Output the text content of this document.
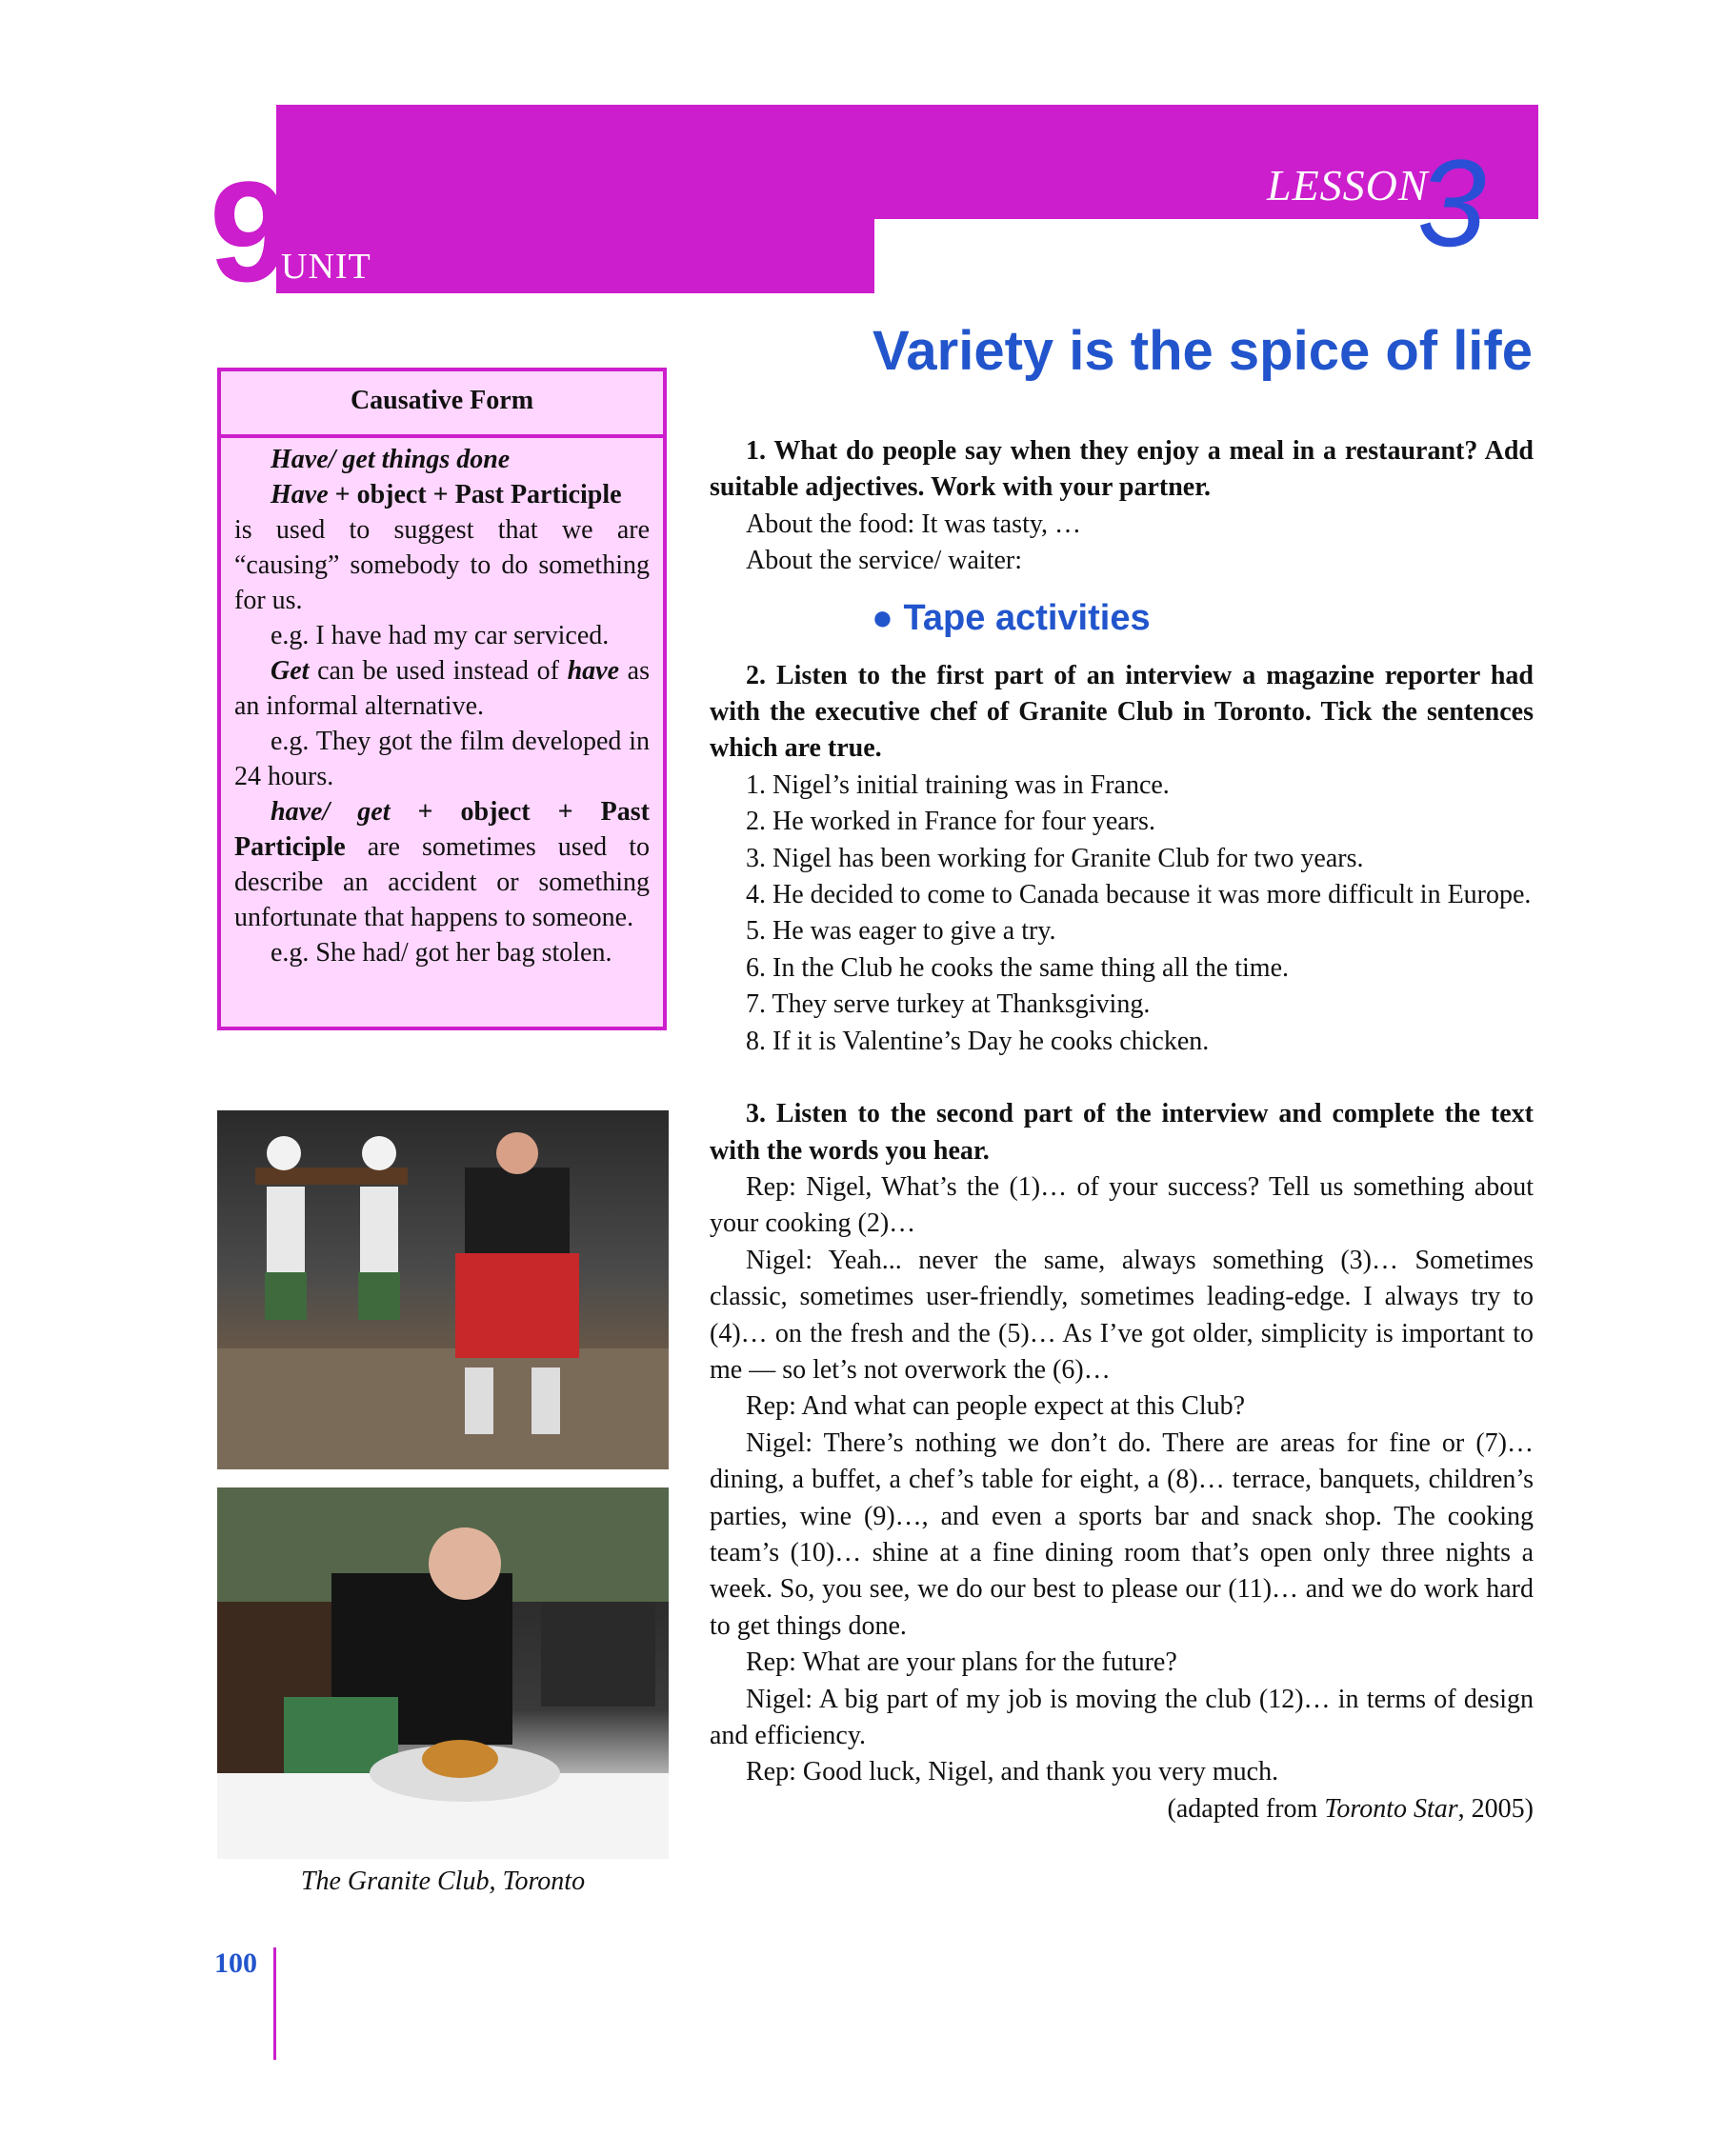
9
UNIT
LESSON
3
Variety is the spice of life
Causative Form

Have/ get things done

Have + object + Past Participle

is used to suggest that we are “causing” somebody to do something for us.

e.g. I have had my car serviced.

Get can be used instead of have as an informal alternative.

e.g. They got the film developed in 24 hours.

have/ get + object + Past Participle are sometimes used to describe an accident or something unfortunate that happens to someone.

e.g. She had/ got her bag stolen.

The Granite Club, Toronto
100

1. What do people say when they enjoy a meal in a restaurant? Add suitable adjectives. Work with your partner.

About the food: It was tasty, …

About the service/ waiter:

● Tape activities

2. Listen to the first part of an interview a magazine reporter had with the executive chef of Granite Club in Toronto. Tick the sentences which are true.

1. Nigel’s initial training was in France.

2. He worked in France for four years.

3. Nigel has been working for Granite Club for two years.

4. He decided to come to Canada because it was more difficult in Europe.

5. He was eager to give a try.

6. In the Club he cooks the same thing all the time.

7. They serve turkey at Thanksgiving.

8. If it is Valentine’s Day he cooks chicken.

3. Listen to the second part of the interview and complete the text with the words you hear.

Rep: Nigel, What’s the (1)… of your success? Tell us something about your cooking (2)…

Nigel: Yeah... never the same, always something (3)… Sometimes classic, sometimes user-friendly, sometimes leading-edge. I always try to (4)… on the fresh and the (5)… As I’ve got older, simplicity is important to me — so let’s not overwork the (6)…

Rep: And what can people expect at this Club?

Nigel: There’s nothing we don’t do. There are areas for fine or (7)… dining, a buffet, a chef’s table for eight, a (8)… terrace, banquets, children’s parties, wine (9)…, and even a sports bar and snack shop. The cooking team’s (10)… shine at a fine dining room that’s open only three nights a week. So, you see, we do our best to please our (11)… and we do work hard to get things done.

Rep: What are your plans for the future?

Nigel: A big part of my job is moving the club (12)… in terms of design and efficiency.

Rep: Good luck, Nigel, and thank you very much.

(adapted from Toronto Star, 2005)
